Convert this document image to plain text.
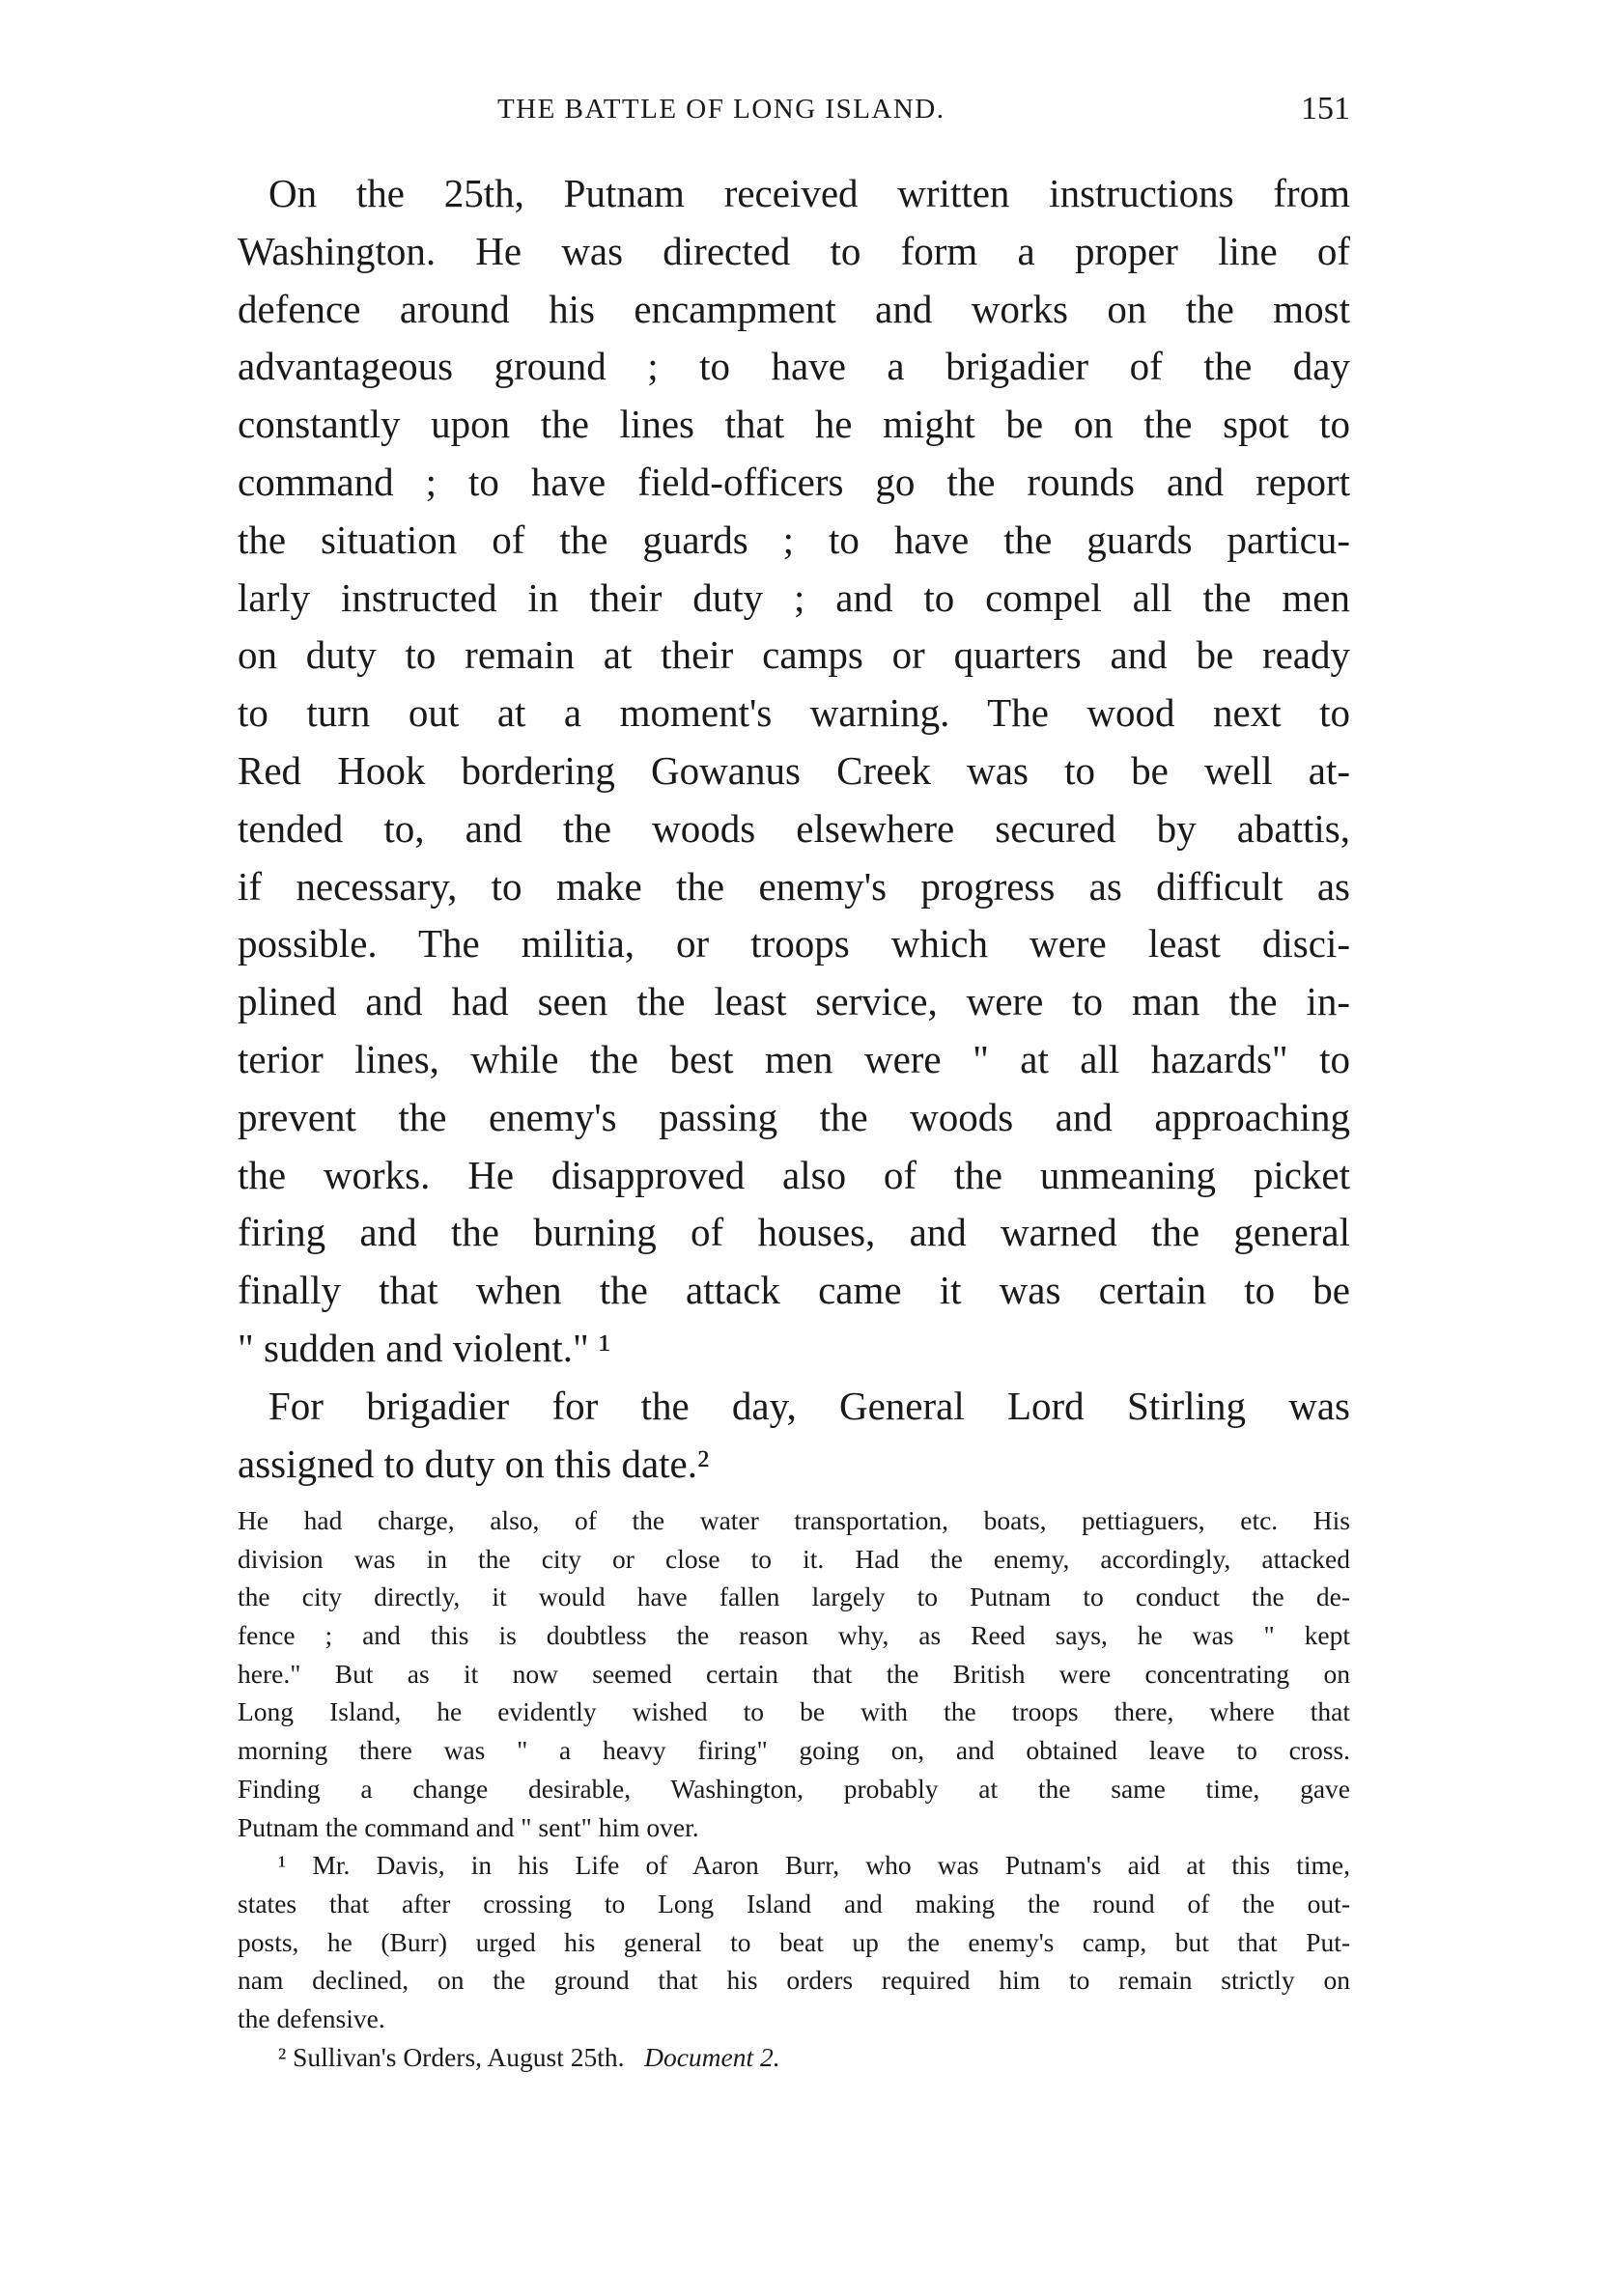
THE BATTLE OF LONG ISLAND.	151
On the 25th, Putnam received written instructions from
Washington. He was directed to form a proper line of
defence around his encampment and works on the most
advantageous ground ; to have a brigadier of the day
constantly upon the lines that he might be on the spot to
command ; to have field-officers go the rounds and report
the situation of the guards ; to have the guards particu-
larly instructed in their duty ; and to compel all the men
on duty to remain at their camps or quarters and be ready
to turn out at a moment's warning. The wood next to
Red Hook bordering Gowanus Creek was to be well at-
tended to, and the woods elsewhere secured by abattis,
if necessary, to make the enemy's progress as difficult as
possible. The militia, or troops which were least disci-
plined and had seen the least service, were to man the in-
terior lines, while the best men were " at all hazards" to
prevent the enemy's passing the woods and approaching
the works. He disapproved also of the unmeaning picket
firing and the burning of houses, and warned the general
finally that when the attack came it was certain to be
" sudden and violent." ¹
For brigadier for the day, General Lord Stirling was
assigned to duty on this date.²
He had charge, also, of the water transportation, boats, pettiaguers, etc. His
division was in the city or close to it. Had the enemy, accordingly, attacked
the city directly, it would have fallen largely to Putnam to conduct the de-
fence ; and this is doubtless the reason why, as Reed says, he was " kept
here." But as it now seemed certain that the British were concentrating on
Long Island, he evidently wished to be with the troops there, where that
morning there was " a heavy firing" going on, and obtained leave to cross.
Finding a change desirable, Washington, probably at the same time, gave
Putnam the command and " sent" him over.
¹ Mr. Davis, in his Life of Aaron Burr, who was Putnam's aid at this time,
states that after crossing to Long Island and making the round of the out-
posts, he (Burr) urged his general to beat up the enemy's camp, but that Put-
nam declined, on the ground that his orders required him to remain strictly on
the defensive.
² Sullivan's Orders, August 25th. Document 2.
